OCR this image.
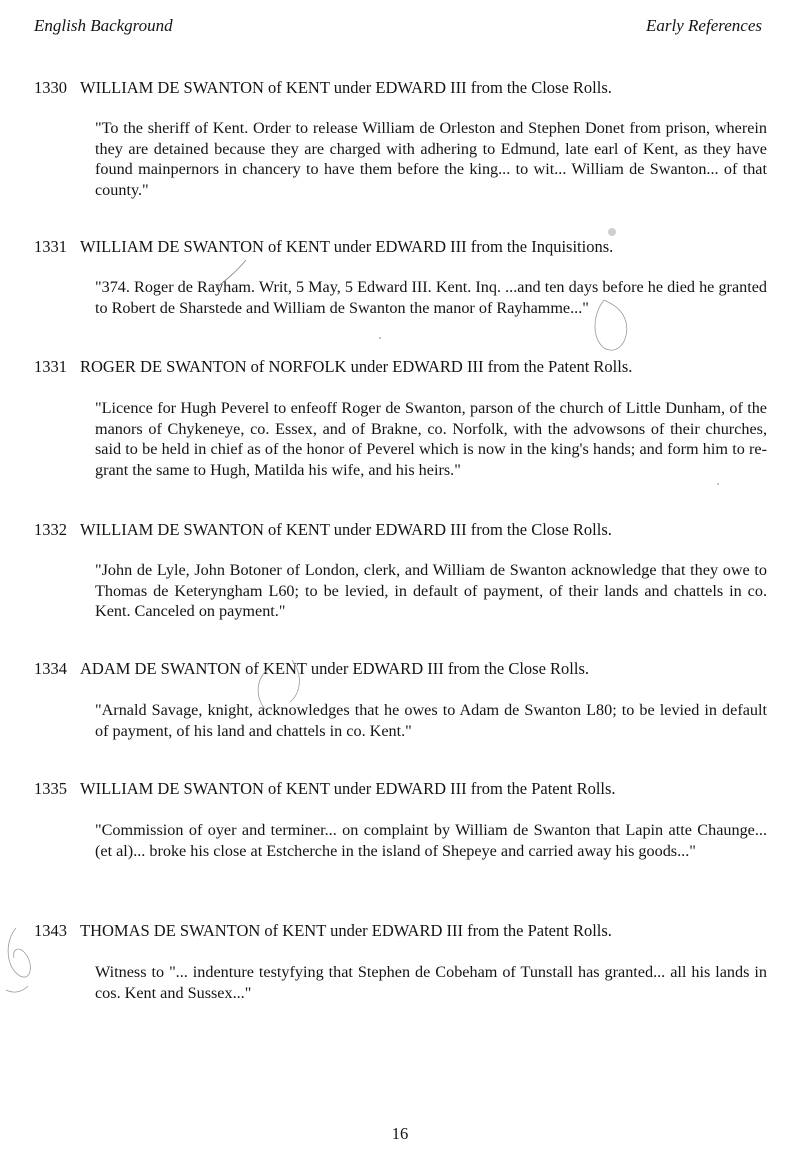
English Background	Early References
1330 WILLIAM DE SWANTON of KENT under EDWARD III from the Close Rolls.
"To the sheriff of Kent. Order to release William de Orleston and Stephen Donet from prison, wherein they are detained because they are charged with adhering to Edmund, late earl of Kent, as they have found mainpernors in chancery to have them before the king... to wit... William de Swanton... of that county."
1331 WILLIAM DE SWANTON of KENT under EDWARD III from the Inquisitions.
"374. Roger de Rayham. Writ, 5 May, 5 Edward III. Kent. Inq. ...and ten days before he died he granted to Robert de Sharstede and William de Swanton the manor of Rayhamme..."
1331 ROGER DE SWANTON of NORFOLK under EDWARD III from the Patent Rolls.
"Licence for Hugh Peverel to enfeoff Roger de Swanton, parson of the church of Little Dunham, of the manors of Chykeneye, co. Essex, and of Brakne, co. Norfolk, with the advowsons of their churches, said to be held in chief as of the honor of Peverel which is now in the king's hands; and form him to re-grant the same to Hugh, Matilda his wife, and his heirs."
1332 WILLIAM DE SWANTON of KENT under EDWARD III from the Close Rolls.
"John de Lyle, John Botoner of London, clerk, and William de Swanton acknowledge that they owe to Thomas de Keteryngham L60; to be levied, in default of payment, of their lands and chattels in co. Kent. Canceled on payment."
1334 ADAM DE SWANTON of KENT under EDWARD III from the Close Rolls.
"Arnald Savage, knight, acknowledges that he owes to Adam de Swanton L80; to be levied in default of payment, of his land and chattels in co. Kent."
1335 WILLIAM DE SWANTON of KENT under EDWARD III from the Patent Rolls.
"Commission of oyer and terminer... on complaint by William de Swanton that Lapin atte Chaunge... (et al)... broke his close at Estcherche in the island of Shepeye and carried away his goods..."
1343 THOMAS DE SWANTON of KENT under EDWARD III from the Patent Rolls.
Witness to "... indenture testyfying that Stephen de Cobeham of Tunstall has granted... all his lands in cos. Kent and Sussex..."
16
